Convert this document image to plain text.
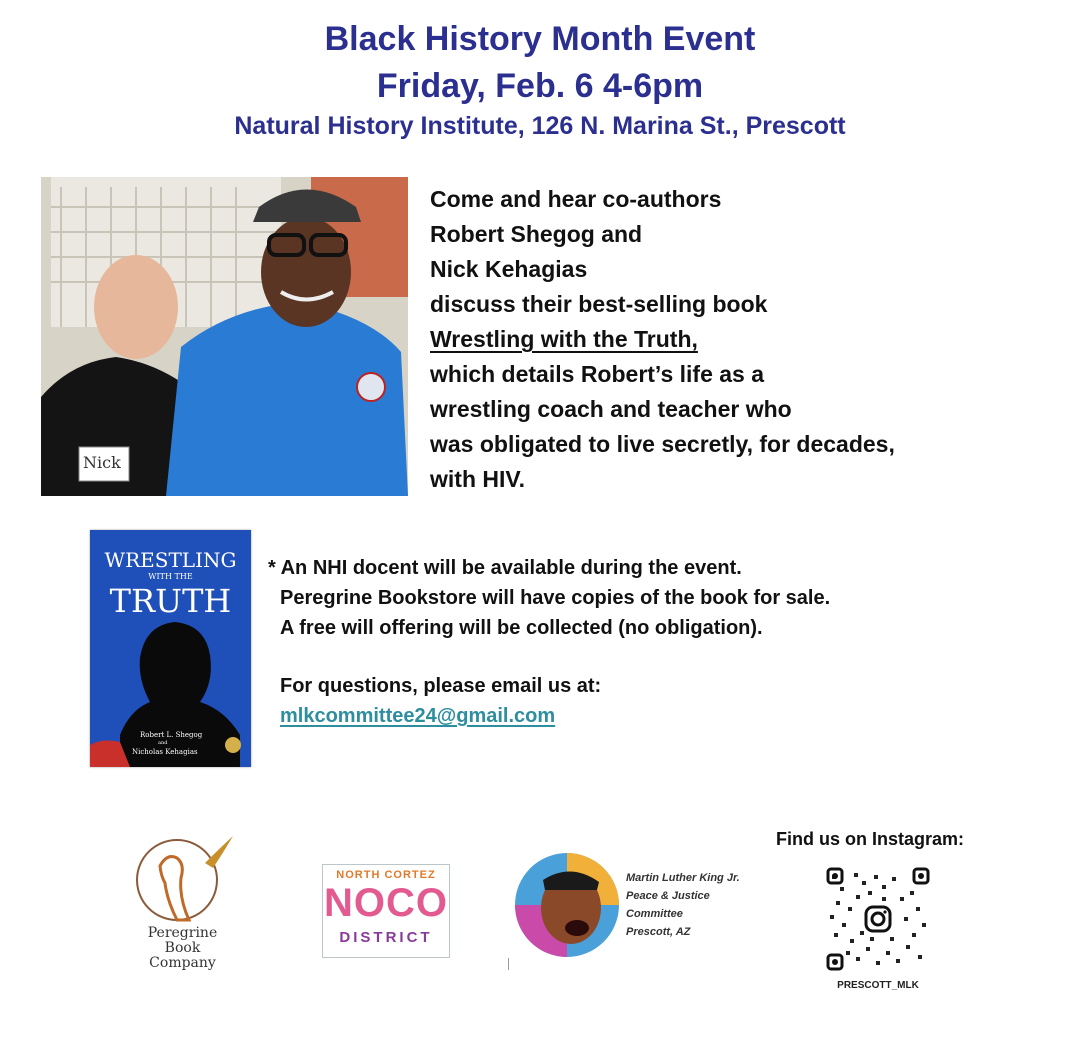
Black History Month Event
Friday, Feb. 6 4-6pm
Natural History Institute, 126 N. Marina St., Prescott
Nick
Come and hear co-authors
Robert Shegog and
Nick Kehagias
discuss their best-selling book
Wrestling with the Truth,
which details Robert’s life as a
wrestling coach and teacher who
was obligated to live secretly, for decades,
with HIV.
WRESTLING
WITH THE
TRUTH
Robert L. Shegog
and
Nicholas Kehagias
* An NHI docent will be available during the event.
Peregrine Bookstore will have copies of the book for sale.
A free will offering will be collected (no obligation).
For questions, please email us at:
mlkcommittee24@gmail.com
Peregrine
Book
Company
NORTH CORTEZ
NOCO
DISTRICT
Martin Luther King Jr.
Peace & Justice
Committee
Prescott, AZ
Find us on Instagram:
PRESCOTT_MLK
